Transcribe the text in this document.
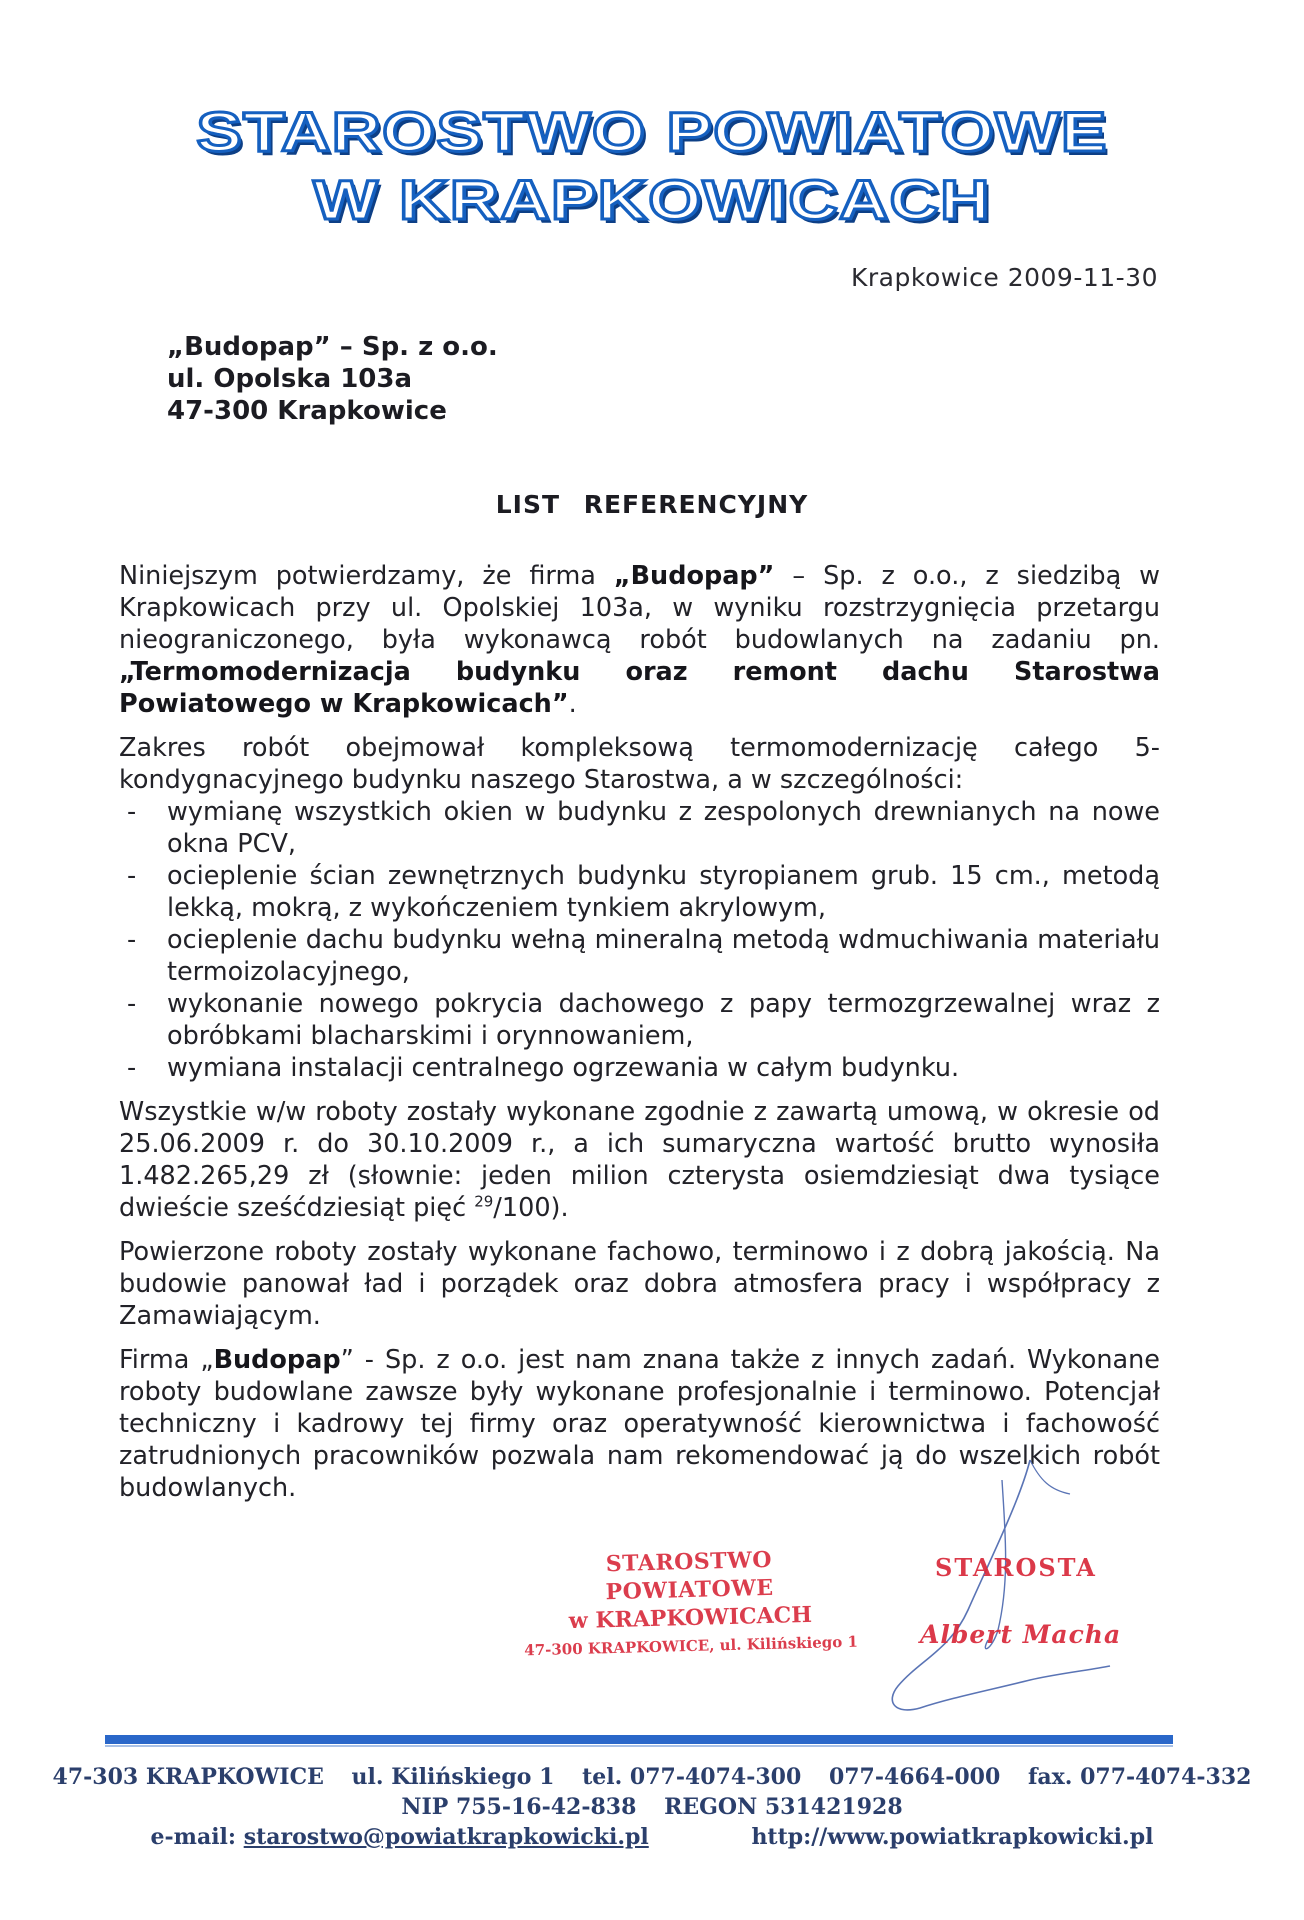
STAROSTWO POWIATOWE
W KRAPKOWICACH
Krapkowice 2009-11-30
„Budopap” – Sp. z o.o.
ul. Opolska 103a
47-300 Krapkowice
LIST REFERENCYJNY

Niniejszym potwierdzamy, że firma „Budopap” – Sp. z o.o., z siedzibą w Krapkowicach przy ul. Opolskiej 103a, w wyniku rozstrzygnięcia przetargu nieograniczonego, była wykonawcą robót budowlanych na zadaniu pn. „Termomodernizacja budynku oraz remont dachu Starostwa Powiatowego w Krapkowicach”.

Zakres robót obejmował kompleksową termomodernizację całego 5-kondygnacyjnego budynku naszego Starostwa, a w szczególności:

- wymianę wszystkich okien w budynku z zespolonych drewnianych na nowe okna PCV,
- ocieplenie ścian zewnętrznych budynku styropianem grub. 15 cm., metodą lekką, mokrą, z wykończeniem tynkiem akrylowym,
- ocieplenie dachu budynku wełną mineralną metodą wdmuchiwania materiału termoizolacyjnego,
- wykonanie nowego pokrycia dachowego z papy termozgrzewalnej wraz z obróbkami blacharskimi i orynnowaniem,
- wymiana instalacji centralnego ogrzewania w całym budynku.

Wszystkie w/w roboty zostały wykonane zgodnie z zawartą umową, w okresie od 25.06.2009 r. do 30.10.2009 r., a ich sumaryczna wartość brutto wynosiła 1.482.265,29 zł (słownie: jeden milion czterysta osiemdziesiąt dwa tysiące dwieście sześćdziesiąt pięć $^{29}$/100).

Powierzone roboty zostały wykonane fachowo, terminowo i z dobrą jakością. Na budowie panował ład i porządek oraz dobra atmosfera pracy i współpracy z Zamawiającym.

Firma „Budopap” - Sp. z o.o. jest nam znana także z innych zadań. Wykonane roboty budowlane zawsze były wykonane profesjonalnie i terminowo. Potencjał techniczny i kadrowy tej firmy oraz operatywność kierownictwa i fachowość zatrudnionych pracowników pozwala nam rekomendować ją do wszelkich robót budowlanych.

STAROSTWO POWIATOWE
w KRAPKOWICACH
47-300 KRAPKOWICE, ul. Kilińskiego 1
STAROSTA
Albert Macha
47-303 KRAPKOWICE ul. Kilińskiego 1 tel. 077-4074-300 077-4664-000 fax. 077-4074-332
NIP 755-16-42-838 REGON 531421928
e-mail: starostwo@powiatkrapkowicki.pl	http://www.powiatkrapkowicki.pl
